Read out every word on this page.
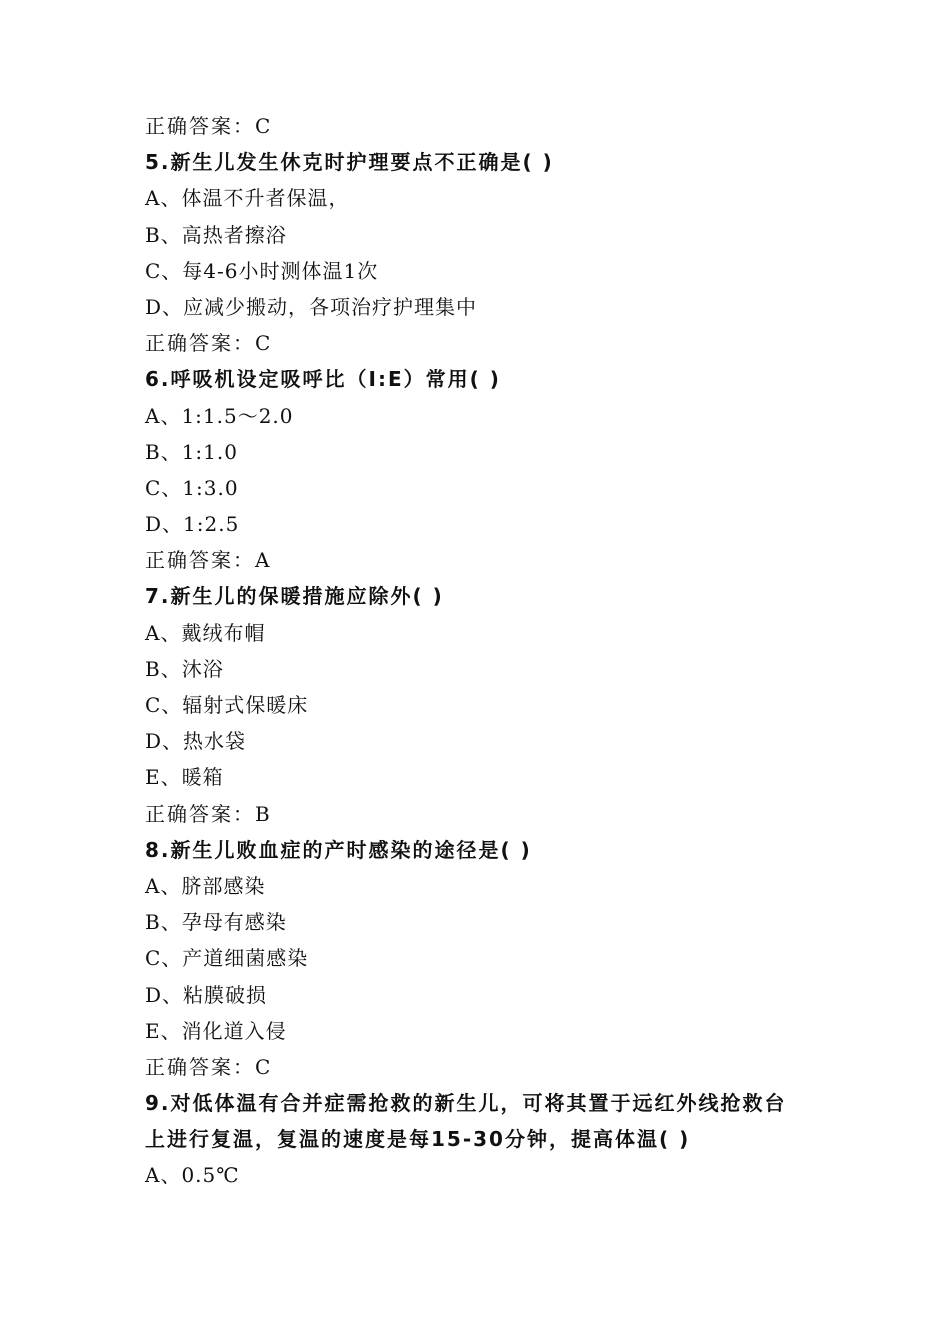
正确答案：C
5.新生儿发生休克时护理要点不正确是( )
A、体温不升者保温，
B、高热者擦浴
C、每4-6小时测体温1次
D、应减少搬动，各项治疗护理集中
正确答案：C
6.呼吸机设定吸呼比（I:E）常用( )
A、1:1.5～2.0
B、1:1.0
C、1:3.0
D、1:2.5
正确答案：A
7.新生儿的保暖措施应除外( )
A、戴绒布帽
B、沐浴
C、辐射式保暖床
D、热水袋
E、暖箱
正确答案：B
8.新生儿败血症的产时感染的途径是( )
A、脐部感染
B、孕母有感染
C、产道细菌感染
D、粘膜破损
E、消化道入侵
正确答案：C
9.对低体温有合并症需抢救的新生儿，可将其置于远红外线抢救台
上进行复温，复温的速度是每15-30分钟，提高体温( )
A、0.5℃
